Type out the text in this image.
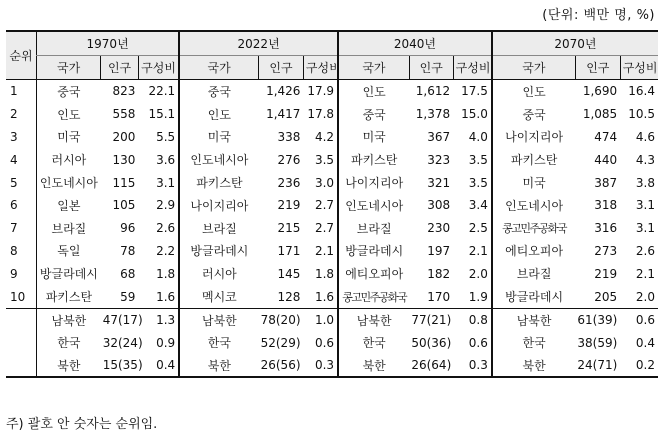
(단위: 백만 명, %)
순위	1970년			2022년			2040년			2070년		
	국가	인구	구성비	국가	인구	구성비	국가	인구	구성비	국가	인구	구성비
1	중국	823	22.1	중국	1,426	17.9	인도	1,612	17.5	인도	1,690	16.4
2	인도	558	15.1	인도	1,417	17.8	중국	1,378	15.0	중국	1,085	10.5
3	미국	200	5.5	미국	338	4.2	미국	367	4.0	나이지리아	474	4.6
4	러시아	130	3.6	인도네시아	276	3.5	파키스탄	323	3.5	파키스탄	440	4.3
5	인도네시아	115	3.1	파키스탄	236	3.0	나이지리아	321	3.5	미국	387	3.8
6	일본	105	2.9	나이지리아	219	2.7	인도네시아	308	3.4	인도네시아	318	3.1
7	브라질	96	2.6	브라질	215	2.7	브라질	230	2.5	콩고민주공화국	316	3.1
8	독일	78	2.2	방글라데시	171	2.1	방글라데시	197	2.1	에티오피아	273	2.6
9	방글라데시	68	1.8	러시아	145	1.8	에티오피아	182	2.0	브라질	219	2.1
10	파키스탄	59	1.6	멕시코	128	1.6	콩고민주공화국	170	1.9	방글라데시	205	2.0
	남북한	47(17)	1.3	남북한	78(20)	1.0	남북한	77(21)	0.8	남북한	61(39)	0.6
	한국	32(24)	0.9	한국	52(29)	0.6	한국	50(36)	0.6	한국	38(59)	0.4
	북한	15(35)	0.4	북한	26(56)	0.3	북한	26(64)	0.3	북한	24(71)	0.2
주) 괄호 안 숫자는 순위임.
